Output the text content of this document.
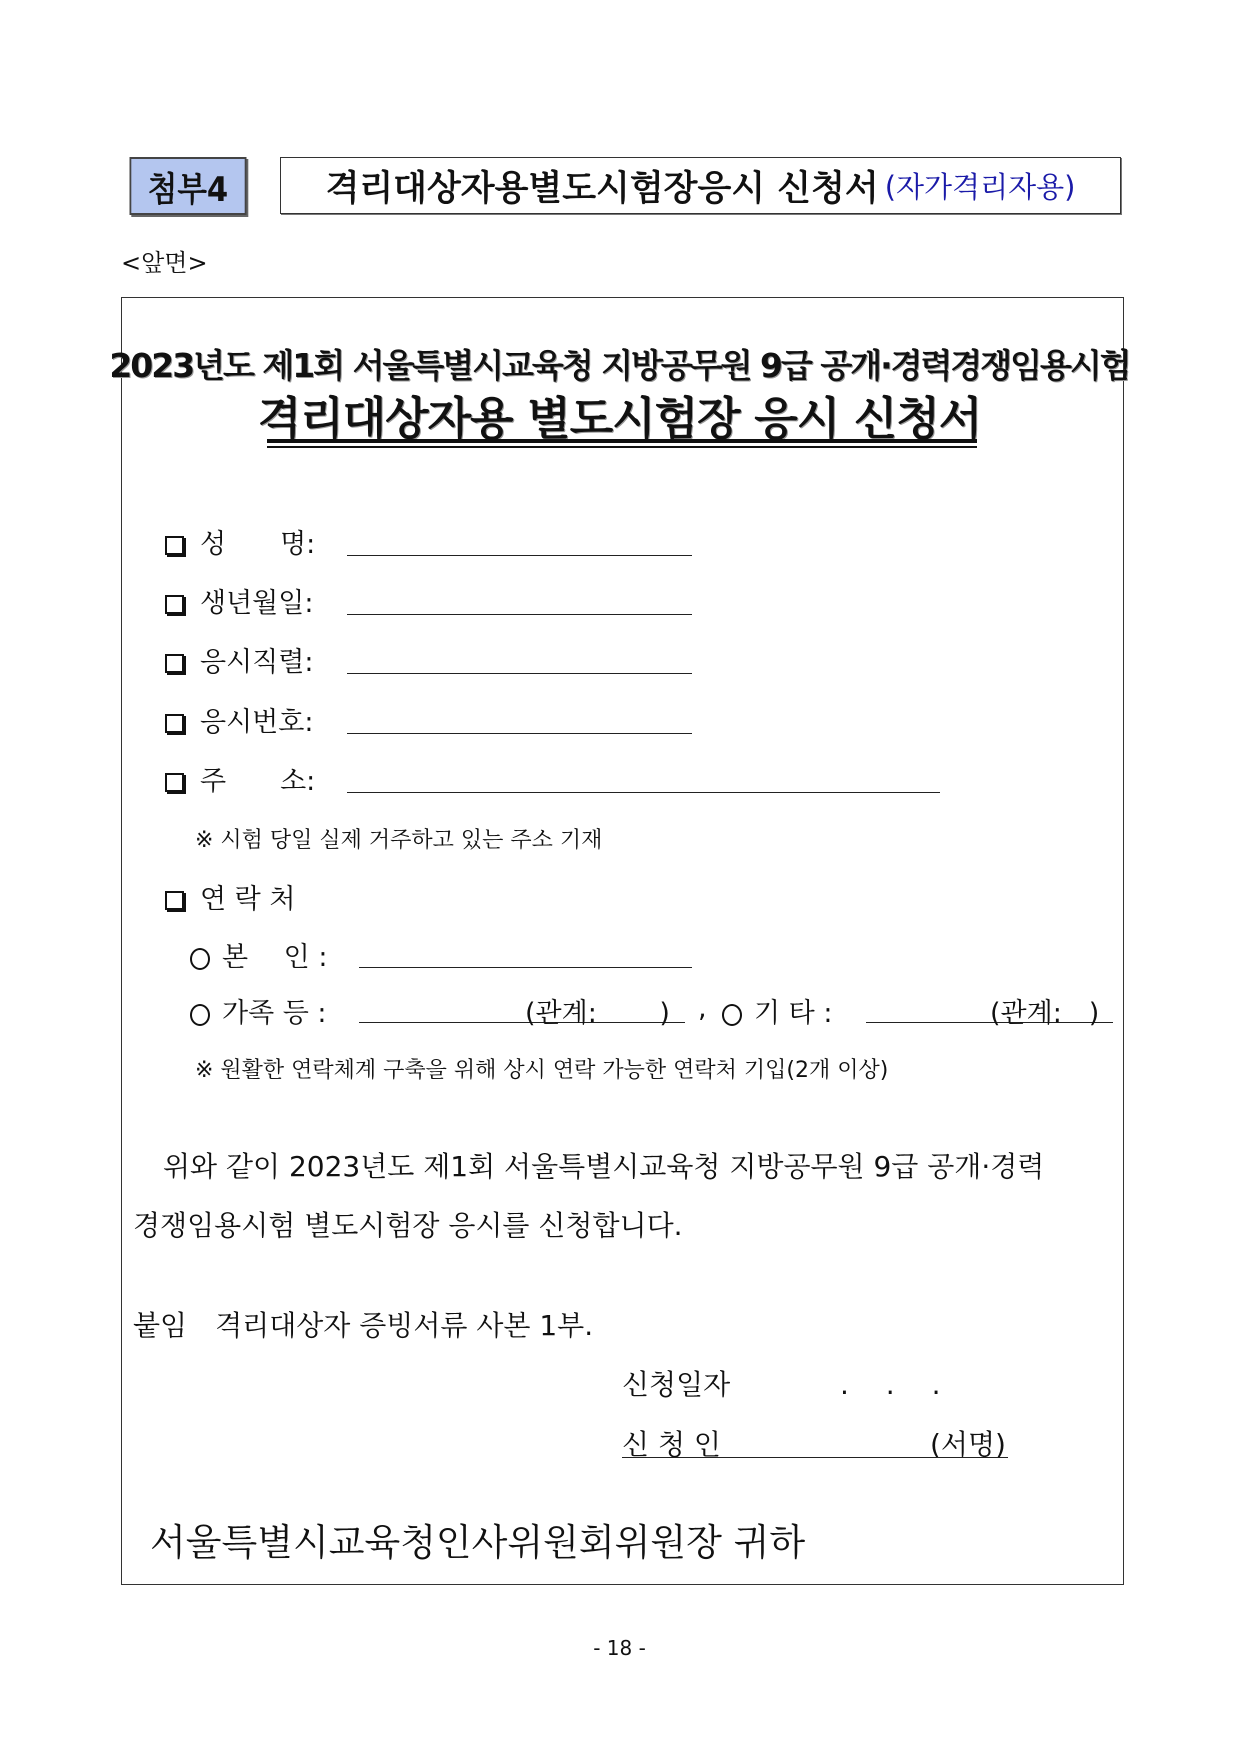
첨부4	격리대상자용별도시험장응시 신청서 (자가격리자용)
<앞면>
2023년도 제1회 서울특별시교육청 지방공무원 9급 공개·경력경쟁임용시험
격리대상자용 별도시험장 응시 신청서
성　　명:
생년월일:
응시직렬:
응시번호:
주　　소:
※ 시험 당일 실제 거주하고 있는 주소 기재
연 락 처
본　 인 :
가족 등 :	(관계:　　 ) ,	기 타 :	(관계:　)
※ 원활한 연락체계 구축을 위해 상시 연락 가능한 연락처 기입(2개 이상)
위와 같이 2023년도 제1회 서울특별시교육청 지방공무원 9급 공개·경력
경쟁임용시험 별도시험장 응시를 신청합니다.
붙임　격리대상자 증빙서류 사본 1부.
신청일자	.　 .　 .
신 청 인	(서명)
서울특별시교육청인사위원회위원장 귀하
- 18 -
